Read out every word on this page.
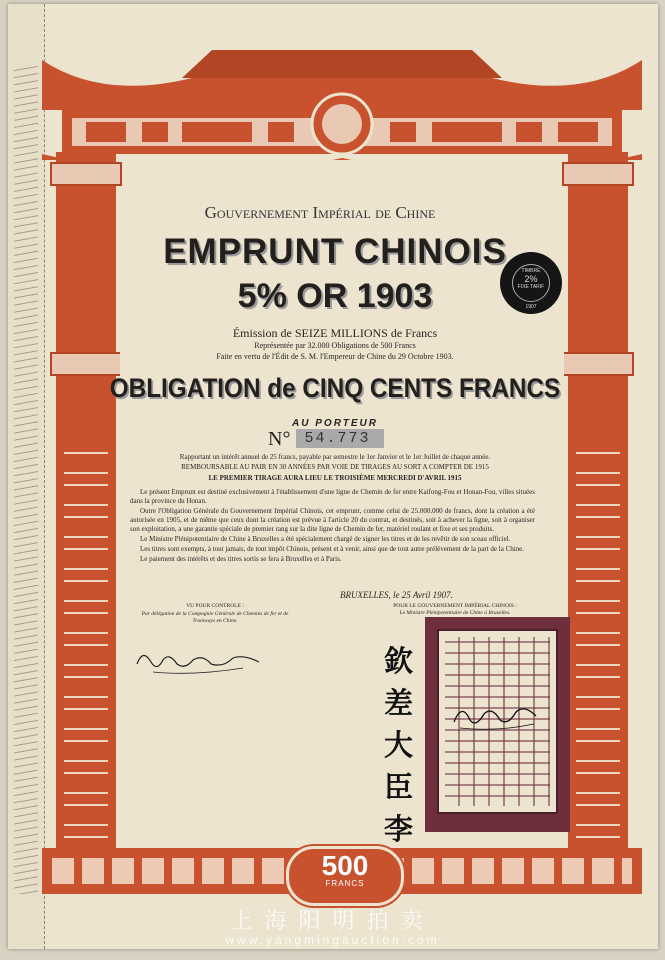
500
FRANCS
Gouvernement Impérial de Chine
EMPRUNT CHINOIS
5% OR 1903
Émission de SEIZE MILLIONS de Francs
Représentée par 32.000 Obligations de 500 Francs
Faite en vertu de l'Édit de S. M. l'Empereur de Chine du 29 Octobre 1903.
OBLIGATION de CINQ CENTS FRANCS
AU PORTEUR
N° 54.773
Rapportant un intérêt annuel de 25 francs, payable par semestre le 1er Janvier et le 1er Juillet de chaque année.
REMBOURSABLE AU PAIR EN 30 ANNÉES PAR VOIE DE TIRAGES AU SORT A COMPTER DE 1915
LE PREMIER TIRAGE AURA LIEU LE TROISIÈME MERCREDI D'AVRIL 1915

Le présent Emprunt est destiné exclusivement à l'établissement d'une ligne de Chemin de fer entre Kaifong-Fou et Honan-Fou, villes situées dans la province du Honan.

Outre l'Obligation Générale du Gouvernement Impérial Chinois, cet emprunt, comme celui de 25.000.000 de francs, dont la création a été autorisée en 1905, et de même que ceux dont la création est prévue à l'article 20 du contrat, et destinés, soit à achever la ligne, soit à organiser son exploitation, a une garantie spéciale de premier rang sur la dite ligne de Chemin de fer, matériel roulant et fixe et ses produits.

Le Ministre Plénipotentiaire de Chine à Bruxelles a été spécialement chargé de signer les titres et de les revêtir de son sceau officiel.

Les titres sont exempts, à tout jamais, de tout impôt Chinois, présent et à venir, ainsi que de tout autre prélèvement de la part de la Chine.

Le paiement des intérêts et des titres sortis se fera à Bruxelles et à Paris.

BRUXELLES, le 25 Avril 1907.
VU POUR CONTROLE :
Par délégation de la Compagnie Générale de Chemins de fer et de Tramways en Chine.
POUR LE GOUVERNEMENT IMPÉRIAL CHINOIS :
Le Ministre Plénipotentiaire de Chine à Bruxelles.
TIMBRE
2%
FIXE TARIF
1907
欽差大臣李
上海阳明拍卖
www.yangmingauction.com
